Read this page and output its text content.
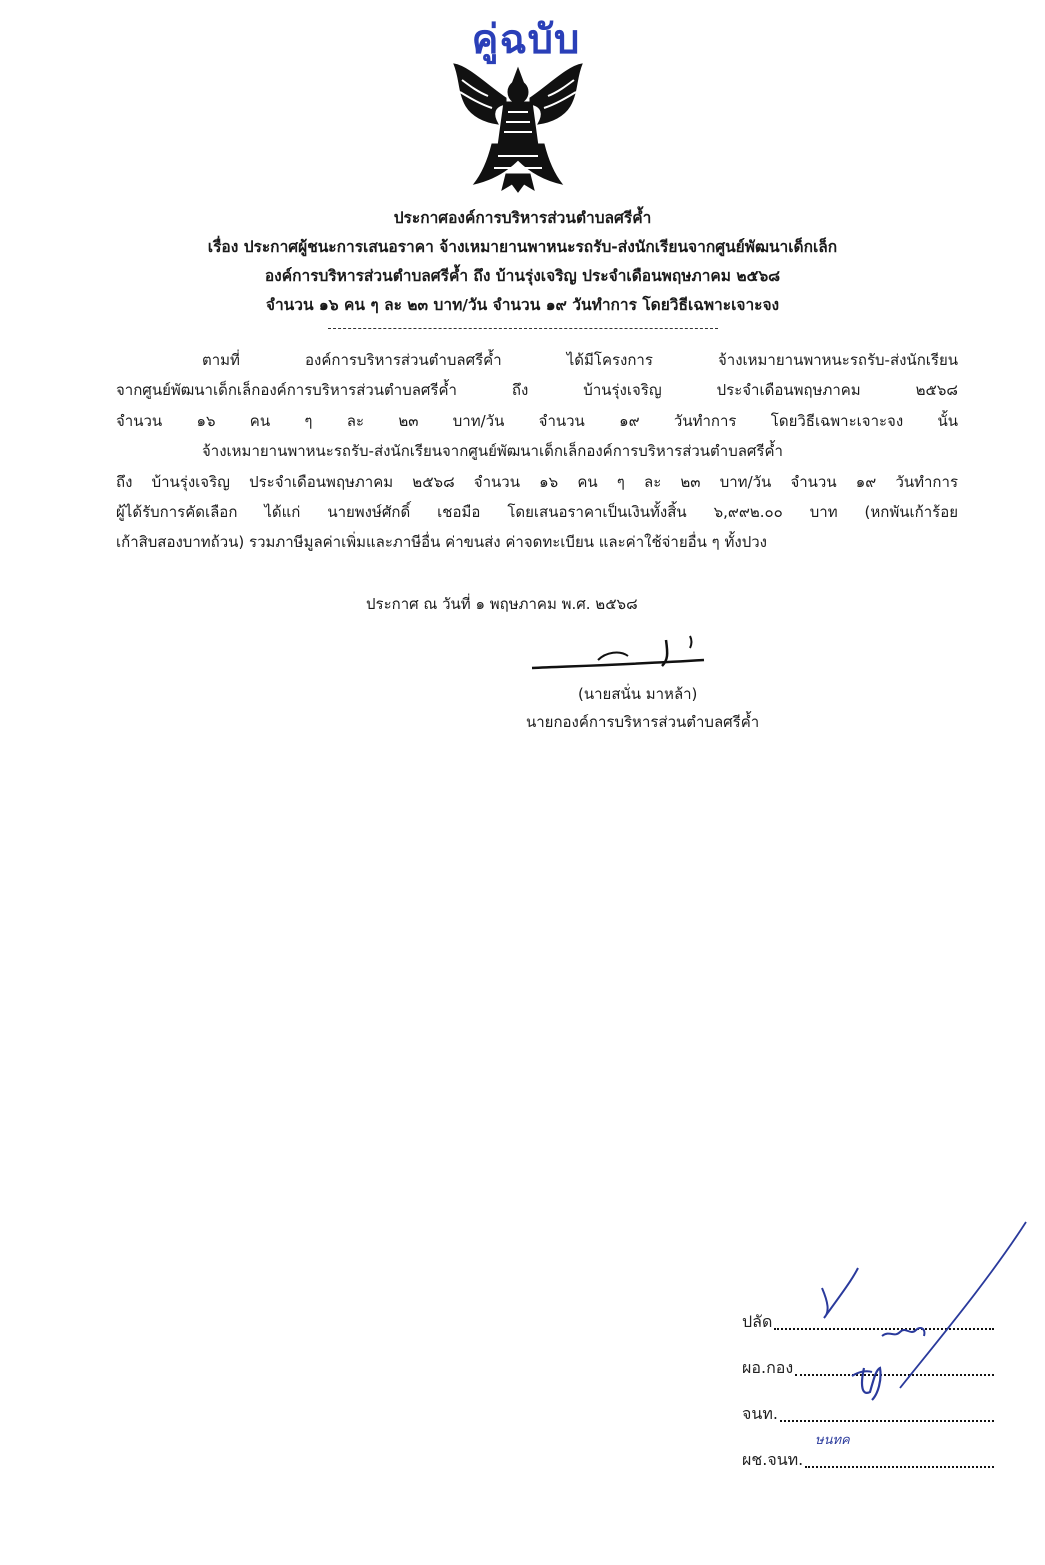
คู่ฉบับ
ประกาศองค์การบริหารส่วนตำบลศรีค้ำ
เรื่อง ประกาศผู้ชนะการเสนอราคา จ้างเหมายานพาหนะรถรับ-ส่งนักเรียนจากศูนย์พัฒนาเด็กเล็ก
องค์การบริหารส่วนตำบลศรีค้ำ ถึง บ้านรุ่งเจริญ ประจำเดือนพฤษภาคม ๒๕๖๘
จำนวน ๑๖ คน ๆ ละ ๒๓ บาท/วัน จำนวน ๑๙ วันทำการ โดยวิธีเฉพาะเจาะจง
ตามที่ องค์การบริหารส่วนตำบลศรีค้ำ ได้มีโครงการ จ้างเหมายานพาหนะรถรับ-ส่งนักเรียน
จากศูนย์พัฒนาเด็กเล็กองค์การบริหารส่วนตำบลศรีค้ำ ถึง บ้านรุ่งเจริญ ประจำเดือนพฤษภาคม ๒๕๖๘
จำนวน ๑๖ คน ๆ ละ ๒๓ บาท/วัน จำนวน ๑๙ วันทำการ โดยวิธีเฉพาะเจาะจง นั้น
จ้างเหมายานพาหนะรถรับ-ส่งนักเรียนจากศูนย์พัฒนาเด็กเล็กองค์การบริหารส่วนตำบลศรีค้ำ
ถึง บ้านรุ่งเจริญ ประจำเดือนพฤษภาคม ๒๕๖๘ จำนวน ๑๖ คน ๆ ละ ๒๓ บาท/วัน จำนวน ๑๙ วันทำการ
ผู้ได้รับการคัดเลือก ได้แก่ นายพงษ์ศักดิ์ เชอมือ โดยเสนอราคาเป็นเงินทั้งสิ้น ๖,๙๙๒.๐๐ บาท (หกพันเก้าร้อย
เก้าสิบสองบาทถ้วน) รวมภาษีมูลค่าเพิ่มและภาษีอื่น ค่าขนส่ง ค่าจดทะเบียน และค่าใช้จ่ายอื่น ๆ ทั้งปวง
ประกาศ ณ วันที่ ๑ พฤษภาคม พ.ศ. ๒๕๖๘
(นายสนั่น มาหล้า)
นายกองค์การบริหารส่วนตำบลศรีค้ำ
ปลัด
ผอ.กอง
จนท.
ผช.จนท.
ษนทค
